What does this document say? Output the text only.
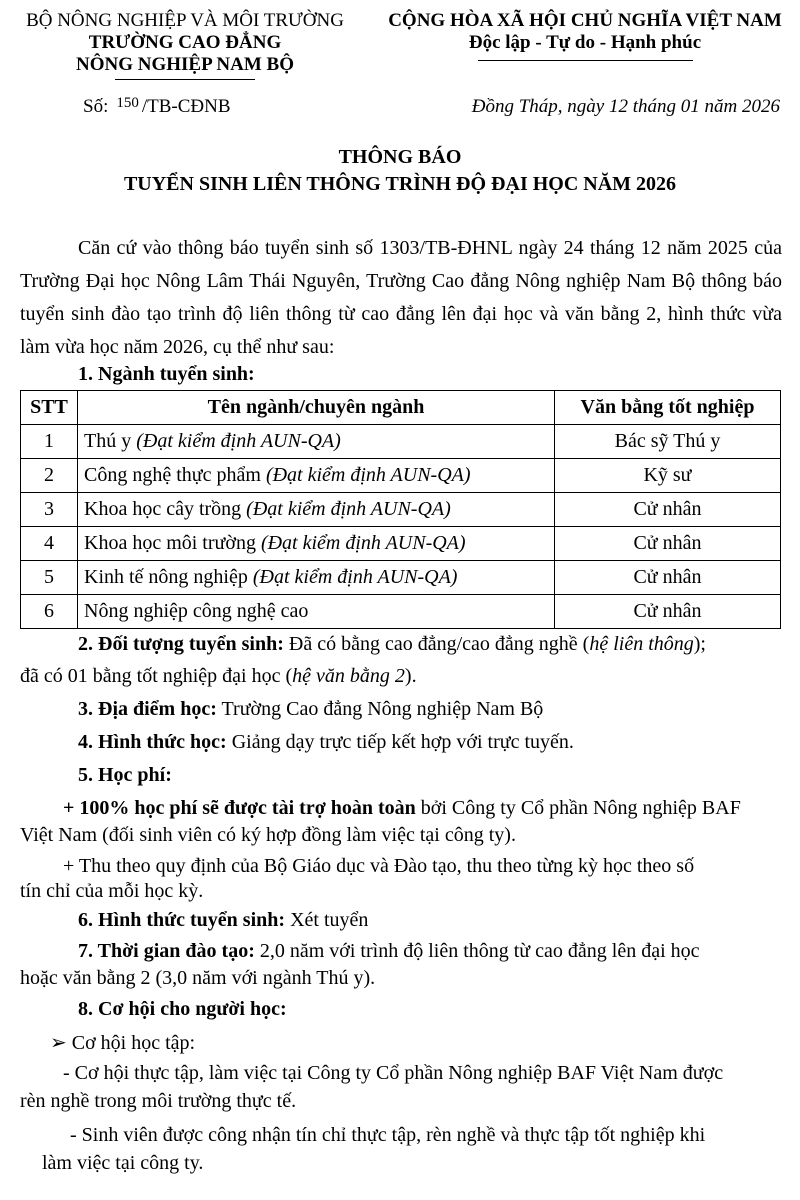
BỘ NÔNG NGHIỆP VÀ MÔI TRƯỜNG
TRƯỜNG CAO ĐẲNG
NÔNG NGHIỆP NAM BỘ
CỘNG HÒA XÃ HỘI CHỦ NGHĨA VIỆT NAM
Độc lập - Tự do - Hạnh phúc
Số: $^{150}$ /TB-CĐNB	Đồng Tháp, ngày 12 tháng 01 năm 2026
THÔNG BÁO
TUYỂN SINH LIÊN THÔNG TRÌNH ĐỘ ĐẠI HỌC NĂM 2026
Căn cứ vào thông báo tuyển sinh số 1303/TB-ĐHNL ngày 24 tháng 12 năm 2025 của Trường Đại học Nông Lâm Thái Nguyên, Trường Cao đẳng Nông nghiệp Nam Bộ thông báo tuyển sinh đào tạo trình độ liên thông từ cao đẳng lên đại học và văn bằng 2, hình thức vừa làm vừa học năm 2026, cụ thể như sau:
1. Ngành tuyển sinh:
STT	Tên ngành/chuyên ngành	Văn bằng tốt nghiệp
1	Thú y (Đạt kiểm định AUN-QA)	Bác sỹ Thú y
2	Công nghệ thực phẩm (Đạt kiểm định AUN-QA)	Kỹ sư
3	Khoa học cây trồng (Đạt kiểm định AUN-QA)	Cử nhân
4	Khoa học môi trường (Đạt kiểm định AUN-QA)	Cử nhân
5	Kinh tế nông nghiệp (Đạt kiểm định AUN-QA)	Cử nhân
6	Nông nghiệp công nghệ cao	Cử nhân
2. Đối tượng tuyển sinh: Đã có bằng cao đẳng/cao đẳng nghề (hệ liên thông);
đã có 01 bằng tốt nghiệp đại học (hệ văn bằng 2).
3. Địa điểm học: Trường Cao đẳng Nông nghiệp Nam Bộ
4. Hình thức học: Giảng dạy trực tiếp kết hợp với trực tuyến.
5. Học phí:
+ 100% học phí sẽ được tài trợ hoàn toàn bởi Công ty Cổ phần Nông nghiệp BAF
Việt Nam (đối sinh viên có ký hợp đồng làm việc tại công ty).
+ Thu theo quy định của Bộ Giáo dục và Đào tạo, thu theo từng kỳ học theo số
tín chỉ của mỗi học kỳ.
6. Hình thức tuyển sinh: Xét tuyển
7. Thời gian đào tạo: 2,0 năm với trình độ liên thông từ cao đẳng lên đại học
hoặc văn bằng 2 (3,0 năm với ngành Thú y).
8. Cơ hội cho người học:
➢ Cơ hội học tập:
- Cơ hội thực tập, làm việc tại Công ty Cổ phần Nông nghiệp BAF Việt Nam được
rèn nghề trong môi trường thực tế.
- Sinh viên được công nhận tín chỉ thực tập, rèn nghề và thực tập tốt nghiệp khi
làm việc tại công ty.
